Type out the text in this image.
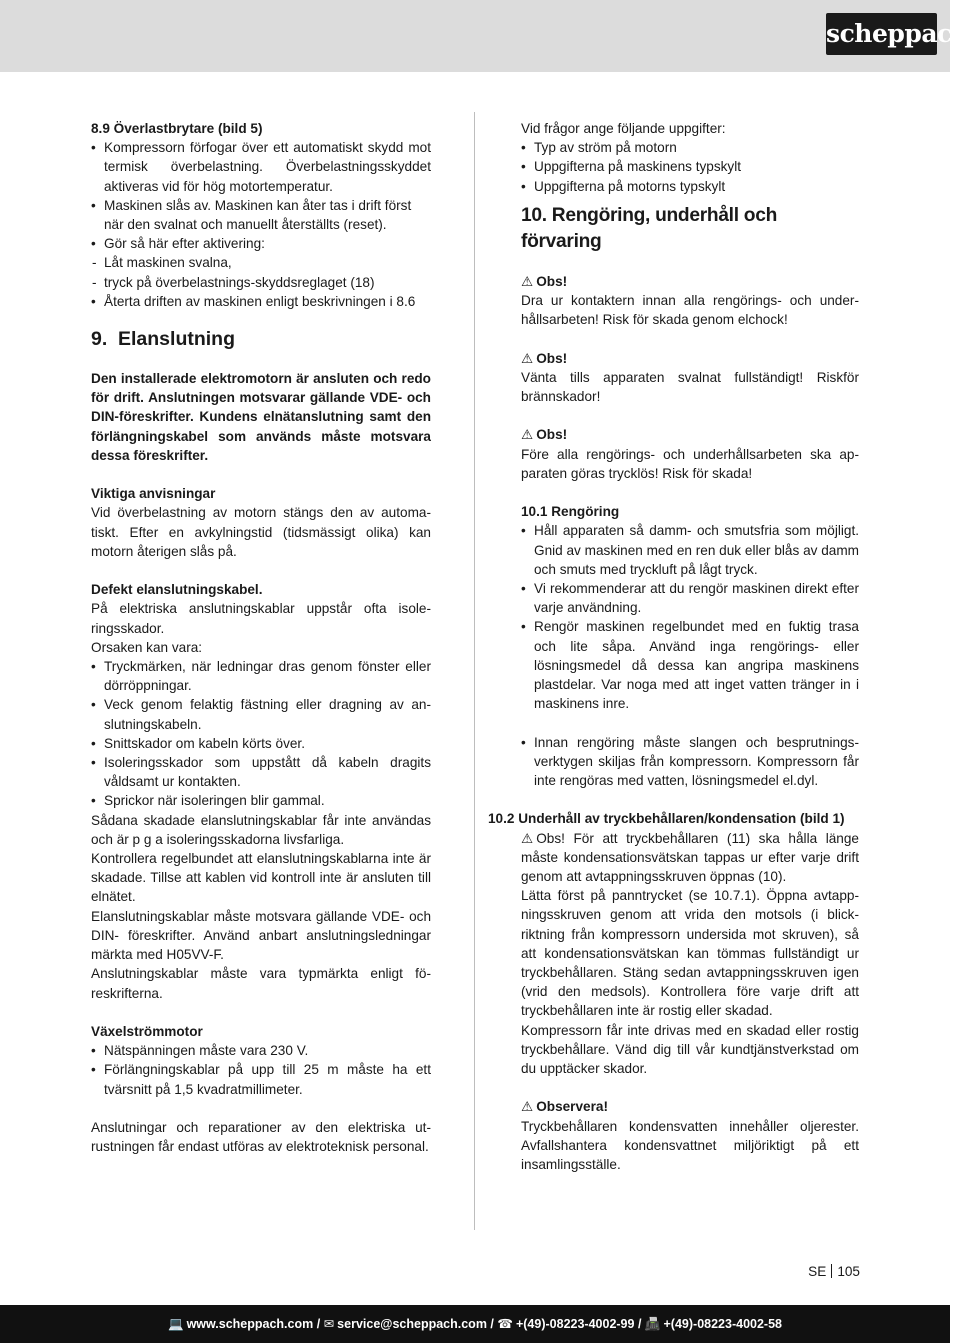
scheppach

8.9 Överlastbrytare (bild 5)

• Kompressorn förfogar över ett automatiskt skydd mot termisk överbelastning. Överbelastningsskyddet aktiveras vid för hög motortemperatur.
• Maskinen slås av. Maskinen kan åter tas i drift först när den svalnat och manuellt återställts (reset).
• Gör så här efter aktivering:
- Låt maskinen svalna,
- tryck på överbelastnings-skyddsreglaget (18)
• Återta driften av maskinen enligt beskrivningen i 8.6

9. Elanslutning

Den installerade elektromotorn är ansluten och redo för drift. Anslutningen motsvarar gällande VDE- och DIN-föreskrifter. Kundens elnätanslutning samt den förlängningskabel som används måste motsvara dessa föreskrifter.

Viktiga anvisningar

Vid överbelastning av motorn stängs den av automatiskt. Efter en avkylningstid (tidsmässigt olika) kan motorn återigen slås på.

Defekt elanslutningskabel.

På elektriska anslutningskablar uppstår ofta isoleringsskador.

Orsaken kan vara:

• Tryckmärken, när ledningar dras genom fönster eller dörröppningar.
• Veck genom felaktig fästning eller dragning av anslutningskabeln.
• Snittskador om kabeln körts över.
• Isoleringsskador som uppstått då kabeln dragits våldsamt ur kontakten.
• Sprickor när isoleringen blir gammal.

Sådana skadade elanslutningskablar får inte användas och är p g a isoleringsskadorna livsfarliga.

Kontrollera regelbundet att elanslutningskablarna inte är skadade. Tillse att kablen vid kontroll inte är ansluten till elnätet.

Elanslutningskablar måste motsvara gällande VDE- och DIN- föreskrifter. Använd anbart anslutningsledningar märkta med H05VV-F.

Anslutningskablar måste vara typmärkta enligt föreskrifterna.

Växelströmmotor

• Nätspänningen måste vara 230 V.
• Förlängningskablar på upp till 25 m måste ha ett tvärsnitt på 1,5 kvadratmillimeter.

Anslutningar och reparationer av den elektriska utrustningen får endast utföras av elektroteknisk personal.

Vid frågor ange följande uppgifter:

• Typ av ström på motorn
• Uppgifterna på maskinens typskylt
• Uppgifterna på motorns typskylt

10. Rengöring, underhåll och förvaring

⚠ Obs!

Dra ur kontaktern innan alla rengörings- och underhållsarbeten! Risk för skada genom elchock!

⚠ Obs!

Vänta tills apparaten svalnat fullständigt! Riskför brännskador!

⚠ Obs!

Före alla rengörings- och underhållsarbeten ska apparaten göras trycklös! Risk för skada!

10.1 Rengöring

• Håll apparaten så damm- och smutsfria som möjligt. Gnid av maskinen med en ren duk eller blås av damm och smuts med tryckluft på lågt tryck.
• Vi rekommenderar att du rengör maskinen direkt efter varje användning.
• Rengör maskinen regelbundet med en fuktig trasa och lite såpa. Använd inga rengörings- eller lösningsmedel då dessa kan angripa maskinens plastdelar. Var noga med att inget vatten tränger in i maskinens inre.
• Innan rengöring måste slangen och besprutningsverktygen skiljas från kompressorn. Kompressorn får inte rengöras med vatten, lösningsmedel el.dyl.

10.2 Underhåll av tryckbehållaren/kondensation (bild 1)

⚠ Obs! För att tryckbehållaren (11) ska hålla länge måste kondensationsvätskan tappas ur efter varje drift genom att avtappningsskruven öppnas (10).

Lätta först på panntrycket (se 10.7.1). Öppna avtappningsskruven genom att vrida den motsols (i blickriktning från kompressorn undersida mot skruven), så att kondensationsvätskan kan tömmas fullständigt ur tryckbehållaren. Stäng sedan avtappningsskruven igen (vrid den medsols). Kontrollera före varje drift att tryckbehållaren inte är rostig eller skadad.

Kompressorn får inte drivas med en skadad eller rostig tryckbehållare. Vänd dig till vår kundtjänstverkstad om du upptäcker skador.

⚠ Observera!

Tryckbehållaren kondensvatten innehåller oljerester. Avfallshantera kondensvattnet miljöriktigt på ett insamlingsställe.

SE 105
💻 www.scheppach.com / ✉ service@scheppach.com / ☎ +(49)-08223-4002-99 / 📠 +(49)-08223-4002-58
